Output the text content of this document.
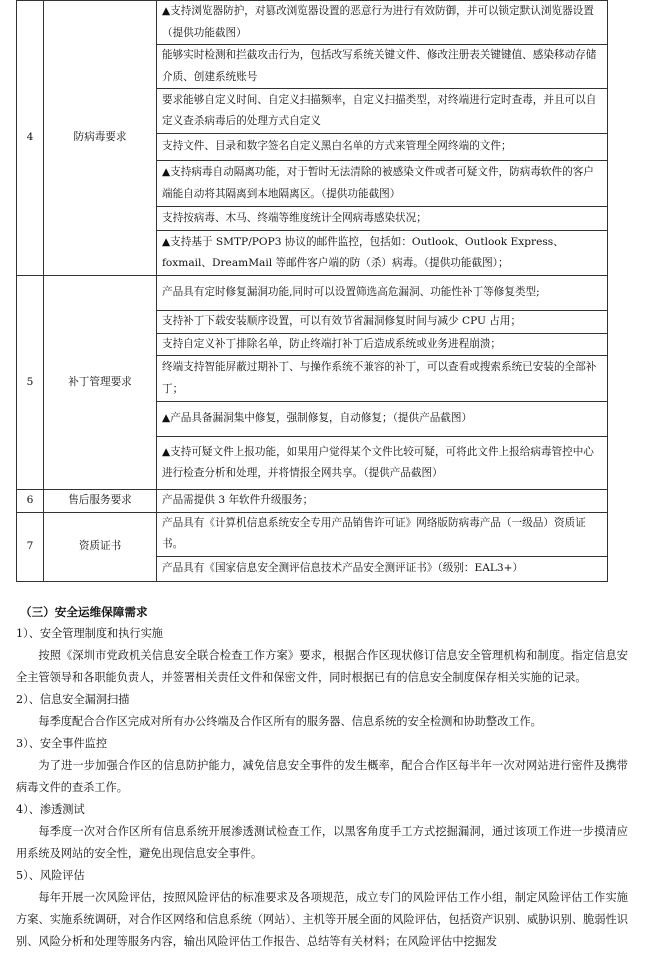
4	防病毒要求	▲支持浏览器防护，对篡改浏览器设置的恶意行为进行有效防御，并可以锁定默认浏览器设置（提供功能截图）
		能够实时检测和拦截攻击行为，包括改写系统关键文件、修改注册表关键键值、感染移动存储介质、创建系统账号
		要求能够自定义时间、自定义扫描频率，自定义扫描类型，对终端进行定时查毒，并且可以自定义查杀病毒后的处理方式自定义
		支持文件、目录和数字签名自定义黑白名单的方式来管理全网终端的文件；
		▲支持病毒自动隔离功能，对于暂时无法清除的被感染文件或者可疑文件，防病毒软件的客户端能自动将其隔离到本地隔离区。（提供功能截图）
		支持按病毒、木马、终端等维度统计全网病毒感染状况；
		▲支持基于 SMTP/POP3 协议的邮件监控，包括如：Outlook、Outlook Express、foxmail、DreamMail 等邮件客户端的防（杀）病毒。（提供功能截图）；
5	补丁管理要求	产品具有定时修复漏洞功能,同时可以设置筛选高危漏洞、功能性补丁等修复类型;
		支持补丁下载安装顺序设置，可以有效节省漏洞修复时间与减少 CPU 占用；
		支持自定义补丁排除名单，防止终端打补丁后造成系统或业务进程崩溃；
		终端支持智能屏蔽过期补丁、与操作系统不兼容的补丁，可以查看或搜索系统已安装的全部补丁；
		▲产品具备漏洞集中修复，强制修复，自动修复；（提供产品截图）
		▲支持可疑文件上报功能，如果用户觉得某个文件比较可疑，可将此文件上报给病毒管控中心进行检查分析和处理，并将情报全网共享。（提供产品截图）
6	售后服务要求	产品需提供 3 年软件升级服务；
7	资质证书	产品具有《计算机信息系统安全专用产品销售许可证》网络版防病毒产品（一级品）资质证书。
		产品具有《国家信息安全测评信息技术产品安全测评证书》（级别：EAL3+）
（三）安全运维保障需求

1）、安全管理制度和执行实施

按照《深圳市党政机关信息安全联合检查工作方案》要求，根据合作区现状修订信息安全管理机构和制度。指定信息安全主管领导和各职能负责人，并签署相关责任文件和保密文件，同时根据已有的信息安全制度保存相关实施的记录。

2）、信息安全漏洞扫描

每季度配合合作区完成对所有办公终端及合作区所有的服务器、信息系统的安全检测和协助整改工作。

3）、安全事件监控

为了进一步加强合作区的信息防护能力，减免信息安全事件的发生概率，配合合作区每半年一次对网站进行密件及携带病毒文件的查杀工作。

4）、渗透测试

每季度一次对合作区所有信息系统开展渗透测试检查工作，以黑客角度手工方式挖掘漏洞，通过该项工作进一步摸清应用系统及网站的安全性，避免出现信息安全事件。

5）、风险评估

每年开展一次风险评估，按照风险评估的标准要求及各项规范，成立专门的风险评估工作小组，制定风险评估工作实施方案、实施系统调研，对合作区网络和信息系统（网站）、主机等开展全面的风险评估，包括资产识别、威胁识别、脆弱性识别、风险分析和处理等服务内容，输出风险评估工作报告、总结等有关材料；在风险评估中挖掘发
